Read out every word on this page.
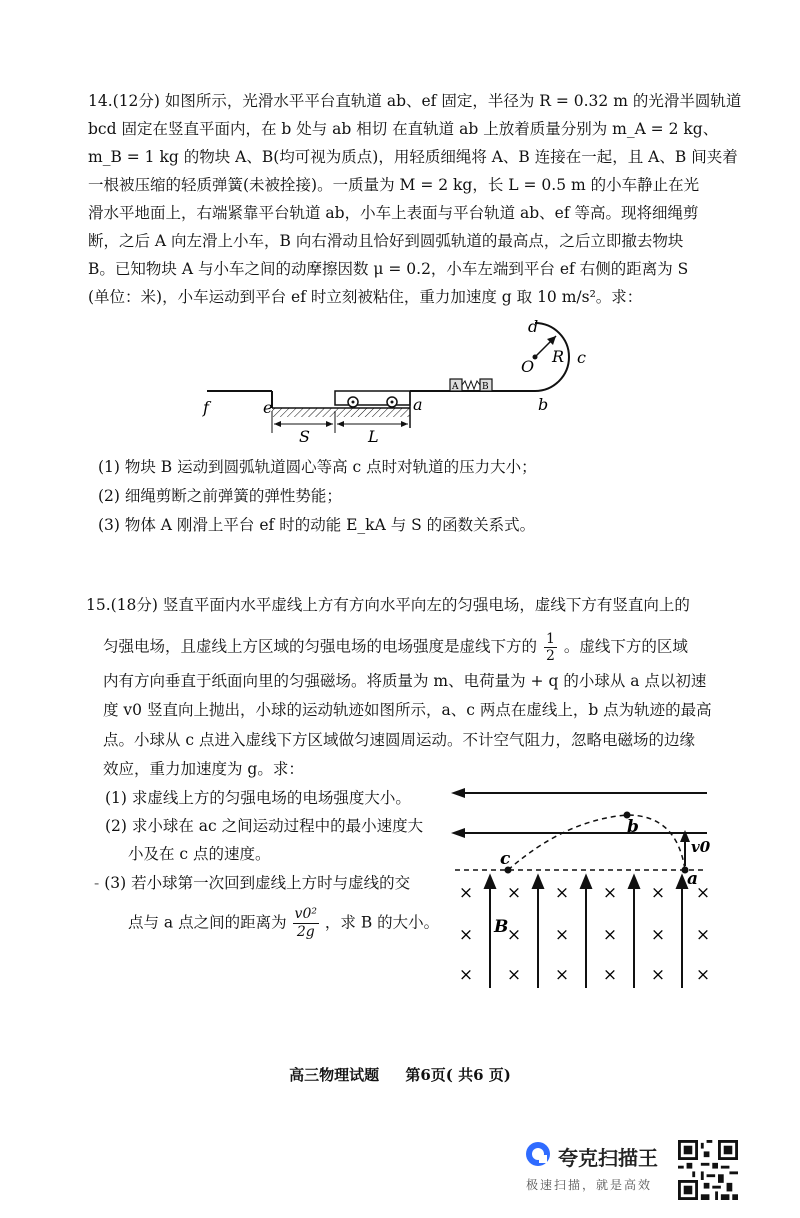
14.(12分) 如图所示，光滑水平平台直轨道 ab、ef 固定，半径为 R = 0.32 m 的光滑半圆轨道
bcd 固定在竖直平面内，在 b 处与 ab 相切 在直轨道 ab 上放着质量分别为 m_A = 2 kg、
m_B = 1 kg 的物块 A、B(均可视为质点)，用轻质细绳将 A、B 连接在一起，且 A、B 间夹着
一根被压缩的轻质弹簧(未被拴接)。一质量为 M = 2 kg，长 L = 0.5 m 的小车静止在光
滑水平地面上，右端紧靠平台轨道 ab，小车上表面与平台轨道 ab、ef 等高。现将细绳剪
断，之后 A 向左滑上小车，B 向右滑动且恰好到圆弧轨道的最高点，之后立即撤去物块
B。已知物块 A 与小车之间的动摩擦因数 μ = 0.2，小车左端到平台 ef 右侧的距离为 S
(单位：米)，小车运动到平台 ef 时立刻被粘住，重力加速度 g 取 10 m/s²。求：
d
O
R c
f	e	a	b
S	L
A	B
(1) 物块 B 运动到圆弧轨道圆心等高 c 点时对轨道的压力大小；
(2) 细绳剪断之前弹簧的弹性势能；
(3) 物体 A 刚滑上平台 ef 时的动能 E_kA 与 S 的函数关系式。
15.(18分) 竖直平面内水平虚线上方有方向水平向左的匀强电场，虚线下方有竖直向上的
匀强电场，且虚线上方区域的匀强电场的电场强度是虚线下方的 $\frac{1}{2}$ 。虚线下方的区域
内有方向垂直于纸面向里的匀强磁场。将质量为 m、电荷量为 + q 的小球从 a 点以初速
度 v0 竖直向上抛出，小球的运动轨迹如图所示，a、c 两点在虚线上，b 点为轨迹的最高
点。小球从 c 点进入虚线下方区域做匀速圆周运动。不计空气阻力，忽略电磁场的边缘
效应，重力加速度为 g。求：
(1) 求虚线上方的匀强电场的电场强度大小。
(2) 求小球在 ac 之间运动过程中的最小速度大
小及在 c 点的速度。
- (3) 若小球第一次回到虚线上方时与虚线的交
点与 a 点之间的距离为 $\frac{\text{v0²}}{2g}$ ，求 B 的大小。
× × × × × ×
× × × × × ×
× × × × × ×
b
v0
c
a
B
高三物理试题 第6页( 共6 页)
夸克扫描王
极速扫描，就是高效
